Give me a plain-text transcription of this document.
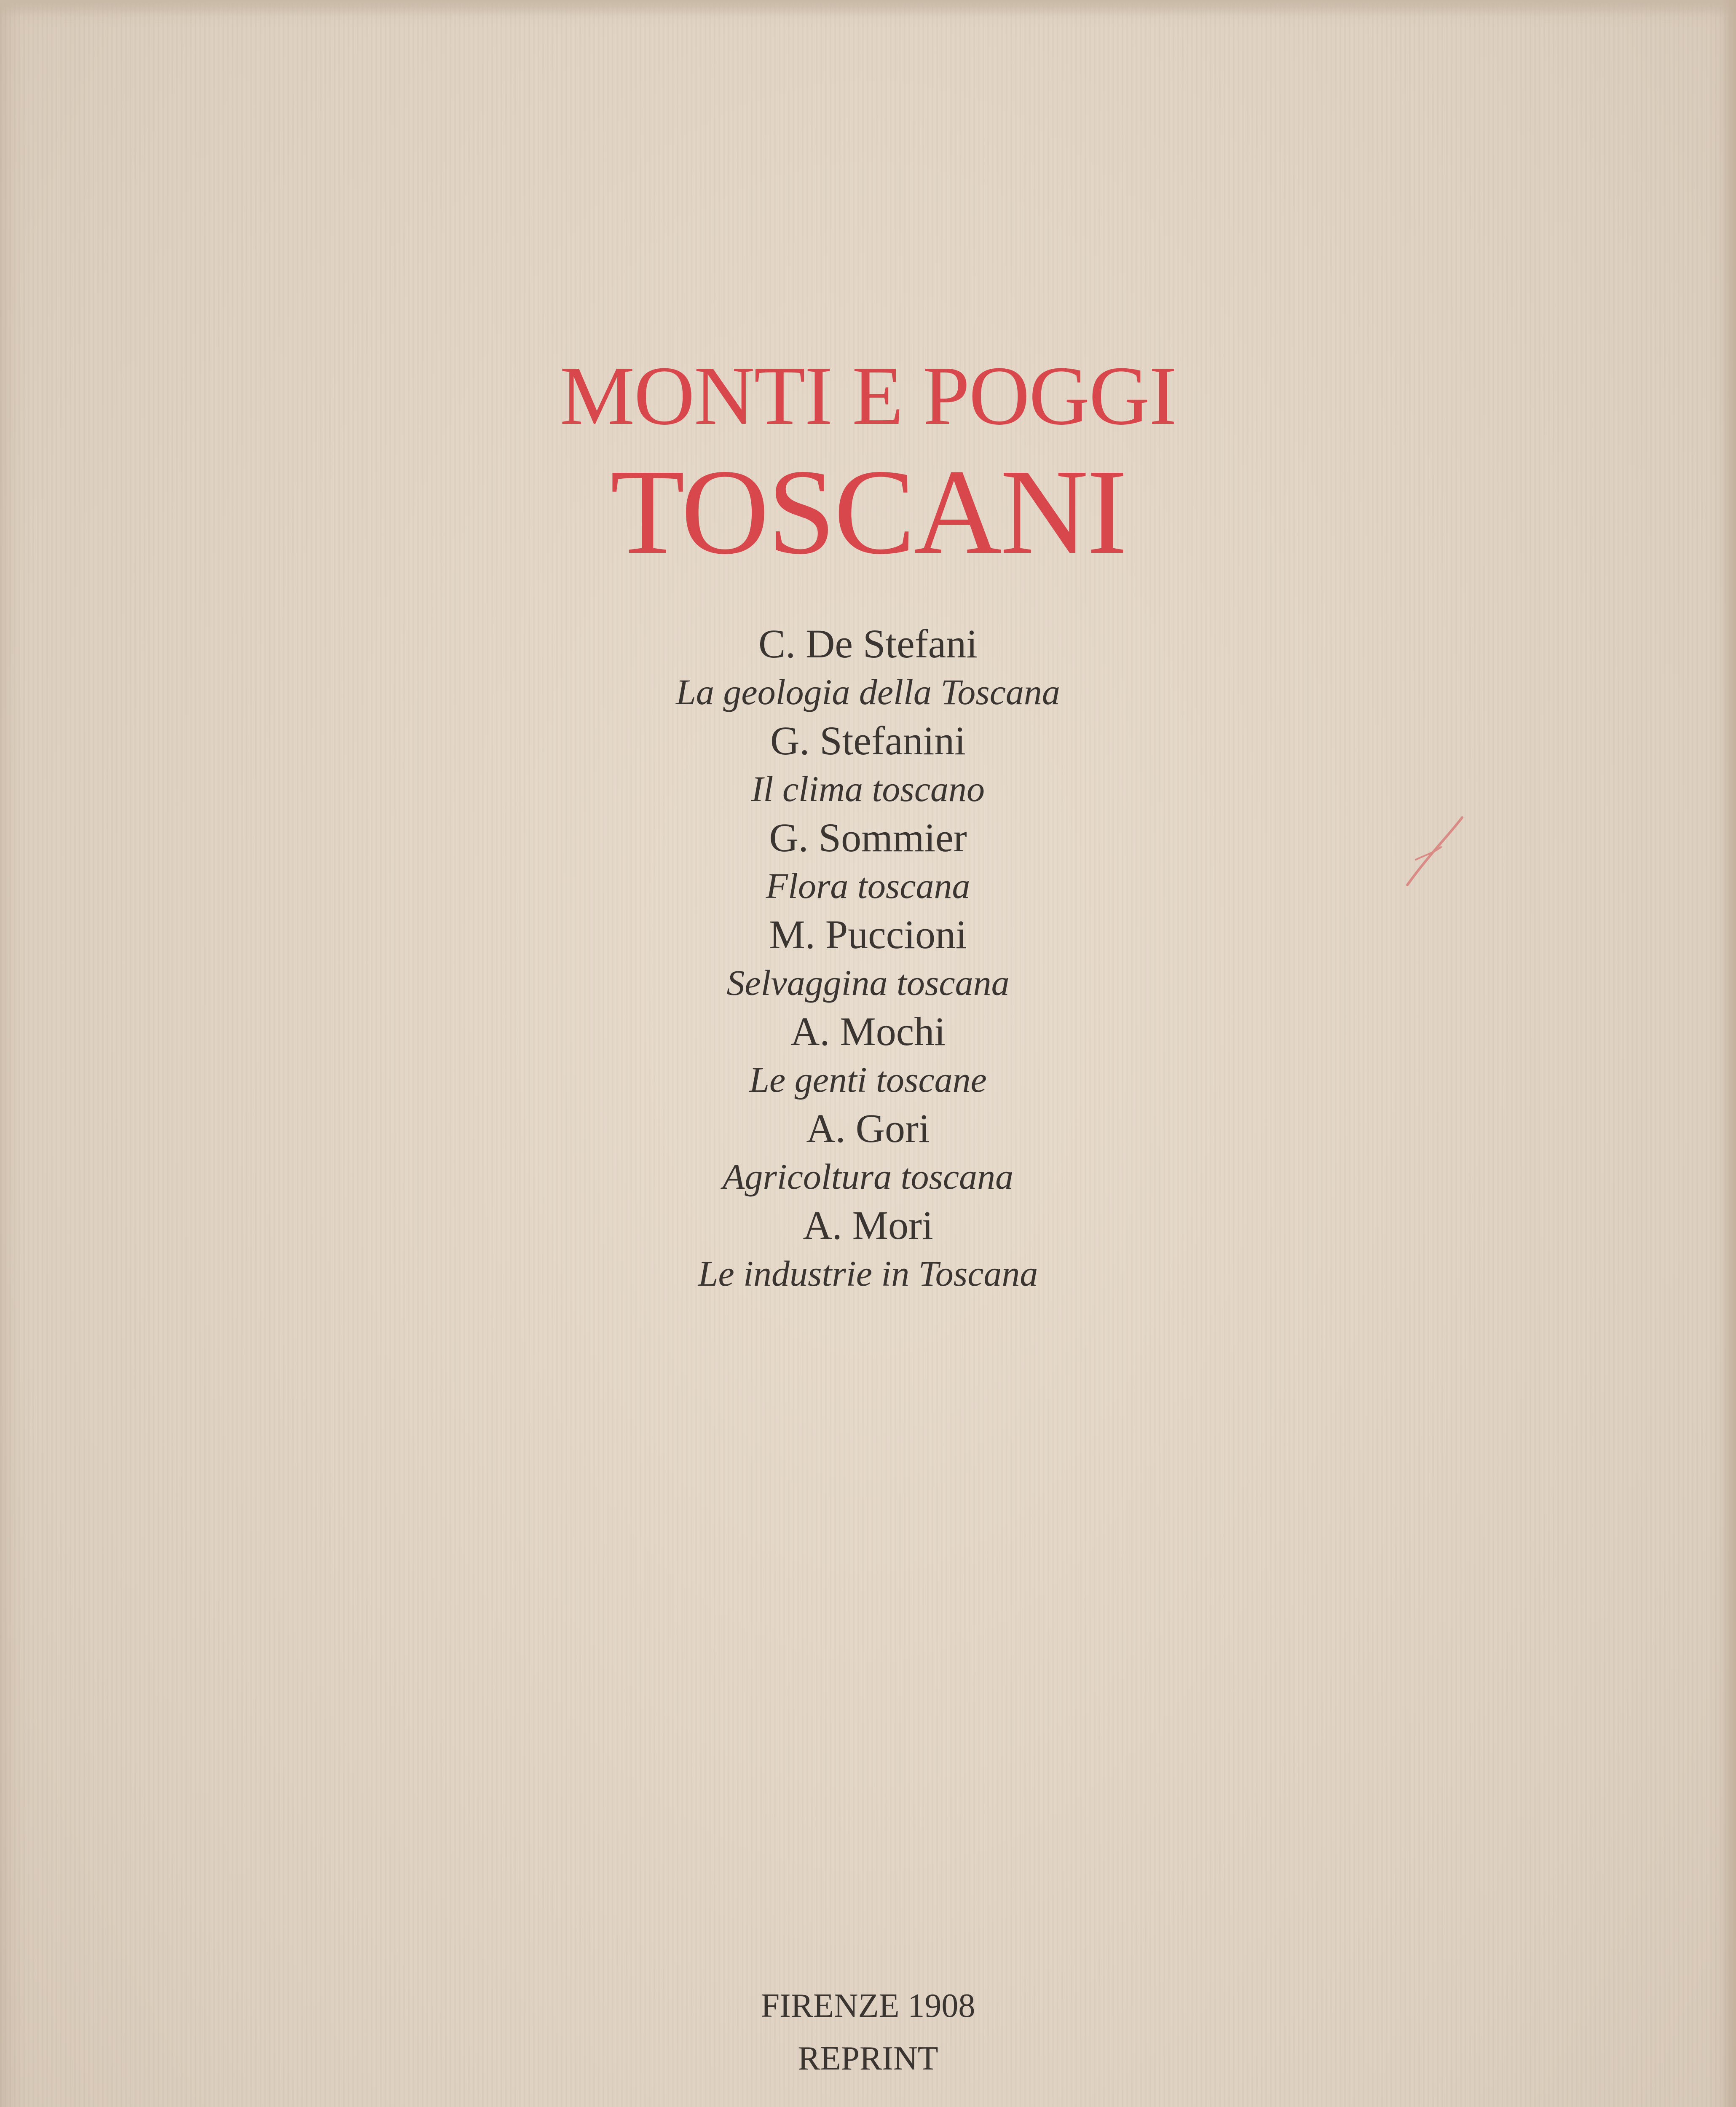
MONTI E POGGI
TOSCANI
C. De Stefani
La geologia della Toscana
G. Stefanini
Il clima toscano
G. Sommier
Flora toscana
M. Puccioni
Selvaggina toscana
A. Mochi
Le genti toscane
A. Gori
Agricoltura toscana
A. Mori
Le industrie in Toscana
FIRENZE 1908
REPRINT
